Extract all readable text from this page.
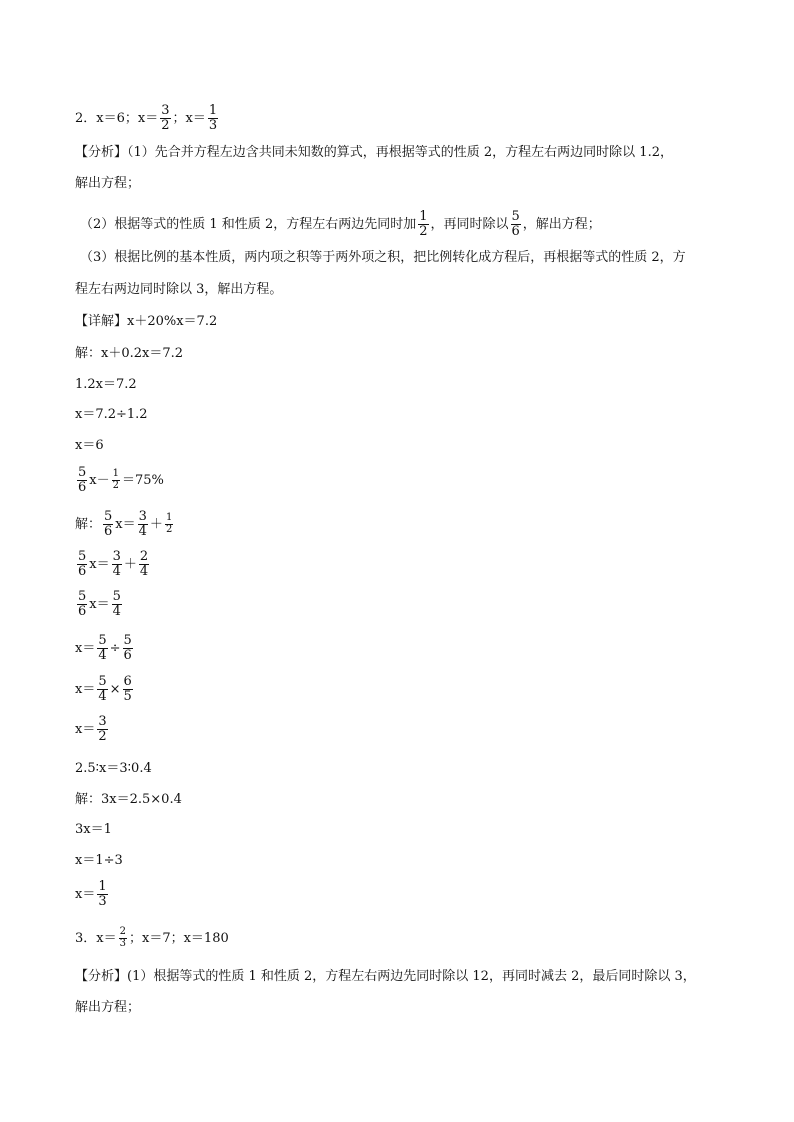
2．x＝6；$x= \frac{3}{2}$ ；$x= \frac{1}{3}$
【分析】（1）先合并方程左边含共同未知数的算式，再根据等式的性质 2，方程左右两边同时除以 1.2，
解出方程；
（2）根据等式的性质 1 和性质 2，方程左右两边先同时加 $\frac{1}{2}$ ，再同时除以 $\frac{5}{6}$ ，解出方程；
（3）根据比例的基本性质，两内项之积等于两外项之积，把比例转化成方程后，再根据等式的性质 2，方
程左右两边同时除以 3，解出方程。
【详解】x＋20%x＝7.2
解：x＋0.2x＝7.2
1.2x＝7.2
x＝7.2÷1.2
x＝6
$\frac{5}{6} x- \frac{1}{2} =75\%$
解： $\frac{5}{6} x= \frac{3}{4} + \frac{1}{2}$
$\frac{5}{6} x= \frac{3}{4} + \frac{2}{4}$
$\frac{5}{6} x= \frac{5}{4}$
$x= \frac{5}{4} \div \frac{5}{6}$
$x= \frac{5}{4} \times \frac{6}{5}$
$x= \frac{3}{2}$
2.5∶x＝3∶0.4
解：3x＝2.5×0.4
3x＝1
x＝1÷3
$x= \frac{1}{3}$
3．$x= \frac{2}{3}$ ；x＝7；x＝180
【分析】(1）根据等式的性质 1 和性质 2，方程左右两边先同时除以 12，再同时减去 2，最后同时除以 3，
解出方程；
